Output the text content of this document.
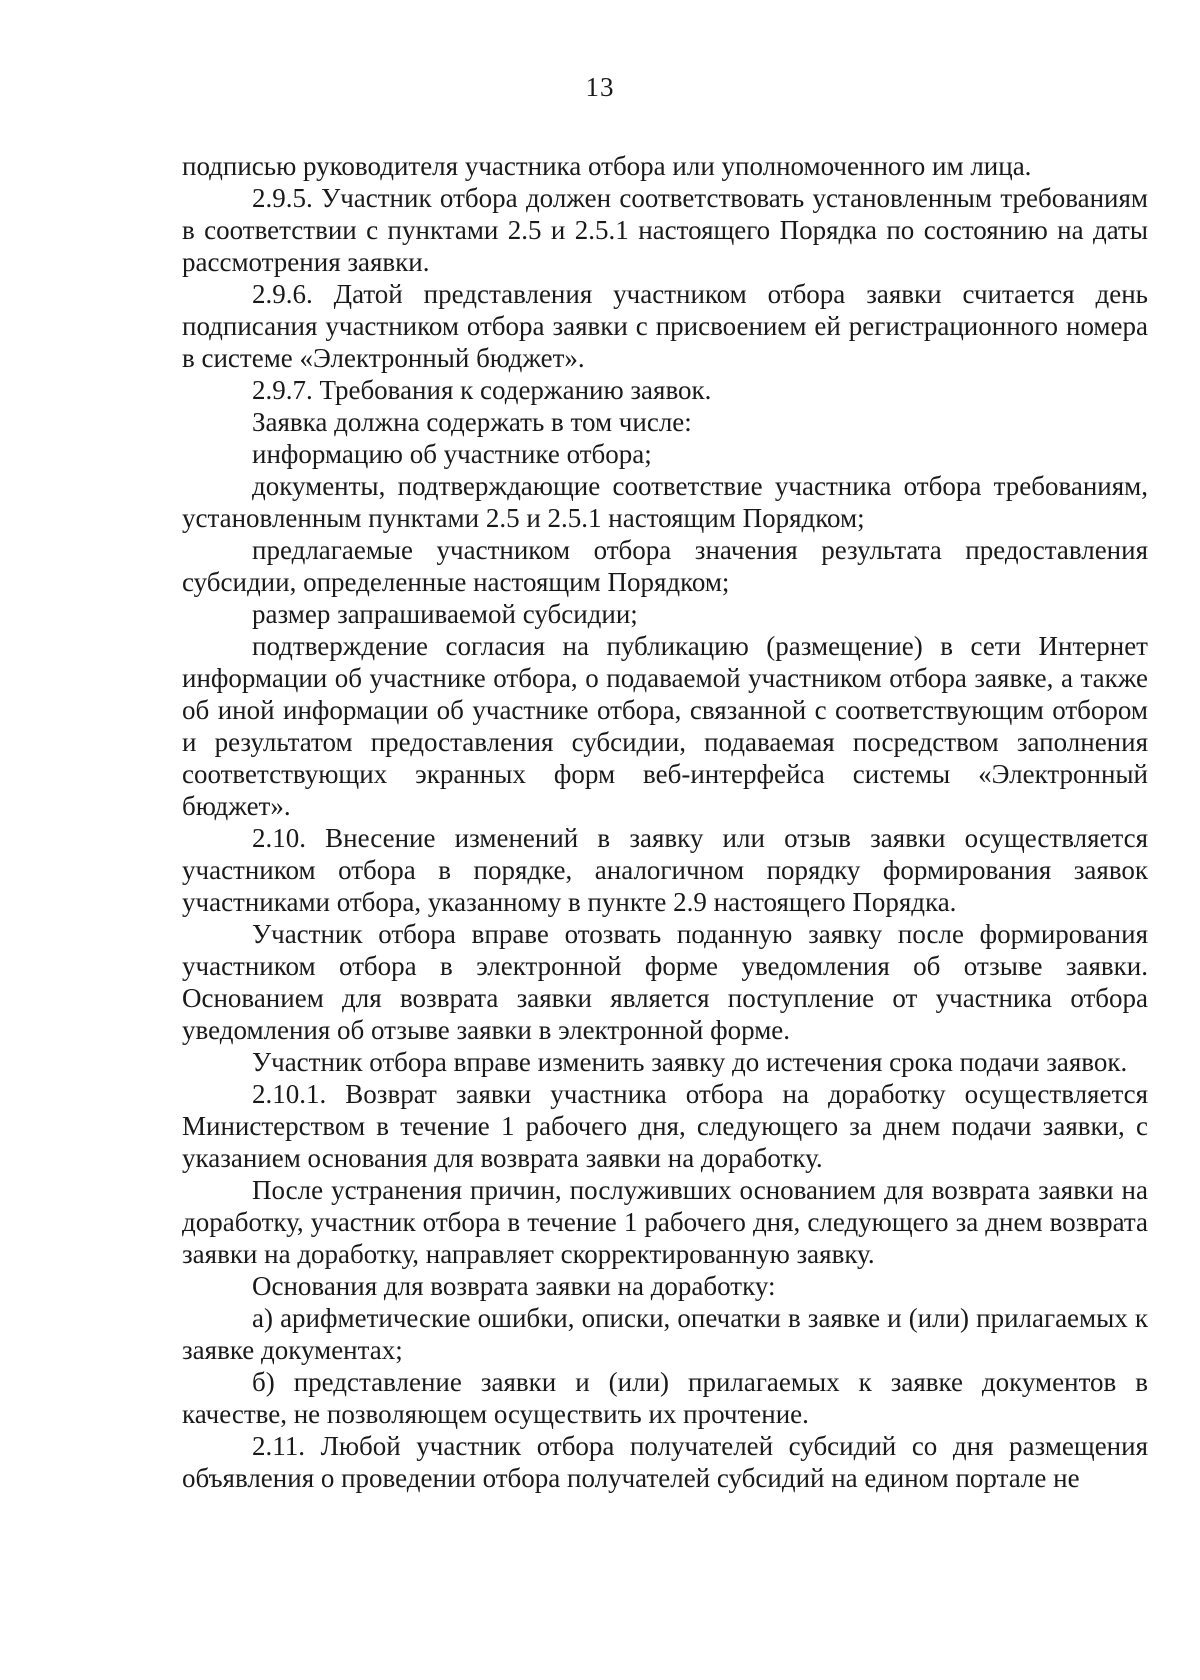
13

подписью руководителя участника отбора или уполномоченного им лица.

2.9.5. Участник отбора должен соответствовать установленным требованиям в соответствии с пунктами 2.5 и 2.5.1 настоящего Порядка по состоянию на даты рассмотрения заявки.

2.9.6. Датой представления участником отбора заявки считается день подписания участником отбора заявки с присвоением ей регистрационного номера в системе «Электронный бюджет».

2.9.7. Требования к содержанию заявок.

Заявка должна содержать в том числе:

информацию об участнике отбора;

документы, подтверждающие соответствие участника отбора требованиям, установленным пунктами 2.5 и 2.5.1 настоящим Порядком;

предлагаемые участником отбора значения результата предоставления субсидии, определенные настоящим Порядком;

размер запрашиваемой субсидии;

подтверждение согласия на публикацию (размещение) в сети Интернет информации об участнике отбора, о подаваемой участником отбора заявке, а также об иной информации об участнике отбора, связанной с соответствующим отбором и результатом предоставления субсидии, подаваемая посредством заполнения соответствующих экранных форм веб-интерфейса системы «Электронный бюджет».

2.10. Внесение изменений в заявку или отзыв заявки осуществляется участником отбора в порядке, аналогичном порядку формирования заявок участниками отбора, указанному в пункте 2.9 настоящего Порядка.

Участник отбора вправе отозвать поданную заявку после формирования участником отбора в электронной форме уведомления об отзыве заявки. Основанием для возврата заявки является поступление от участника отбора уведомления об отзыве заявки в электронной форме.

Участник отбора вправе изменить заявку до истечения срока подачи заявок.

2.10.1. Возврат заявки участника отбора на доработку осуществляется Министерством в течение 1 рабочего дня, следующего за днем подачи заявки, с указанием основания для возврата заявки на доработку.

После устранения причин, послуживших основанием для возврата заявки на доработку, участник отбора в течение 1 рабочего дня, следующего за днем возврата заявки на доработку, направляет скорректированную заявку.

Основания для возврата заявки на доработку:

а) арифметические ошибки, описки, опечатки в заявке и (или) прилагаемых к заявке документах;

б) представление заявки и (или) прилагаемых к заявке документов в качестве, не позволяющем осуществить их прочтение.

2.11. Любой участник отбора получателей субсидий со дня размещения объявления о проведении отбора получателей субсидий на едином портале не
